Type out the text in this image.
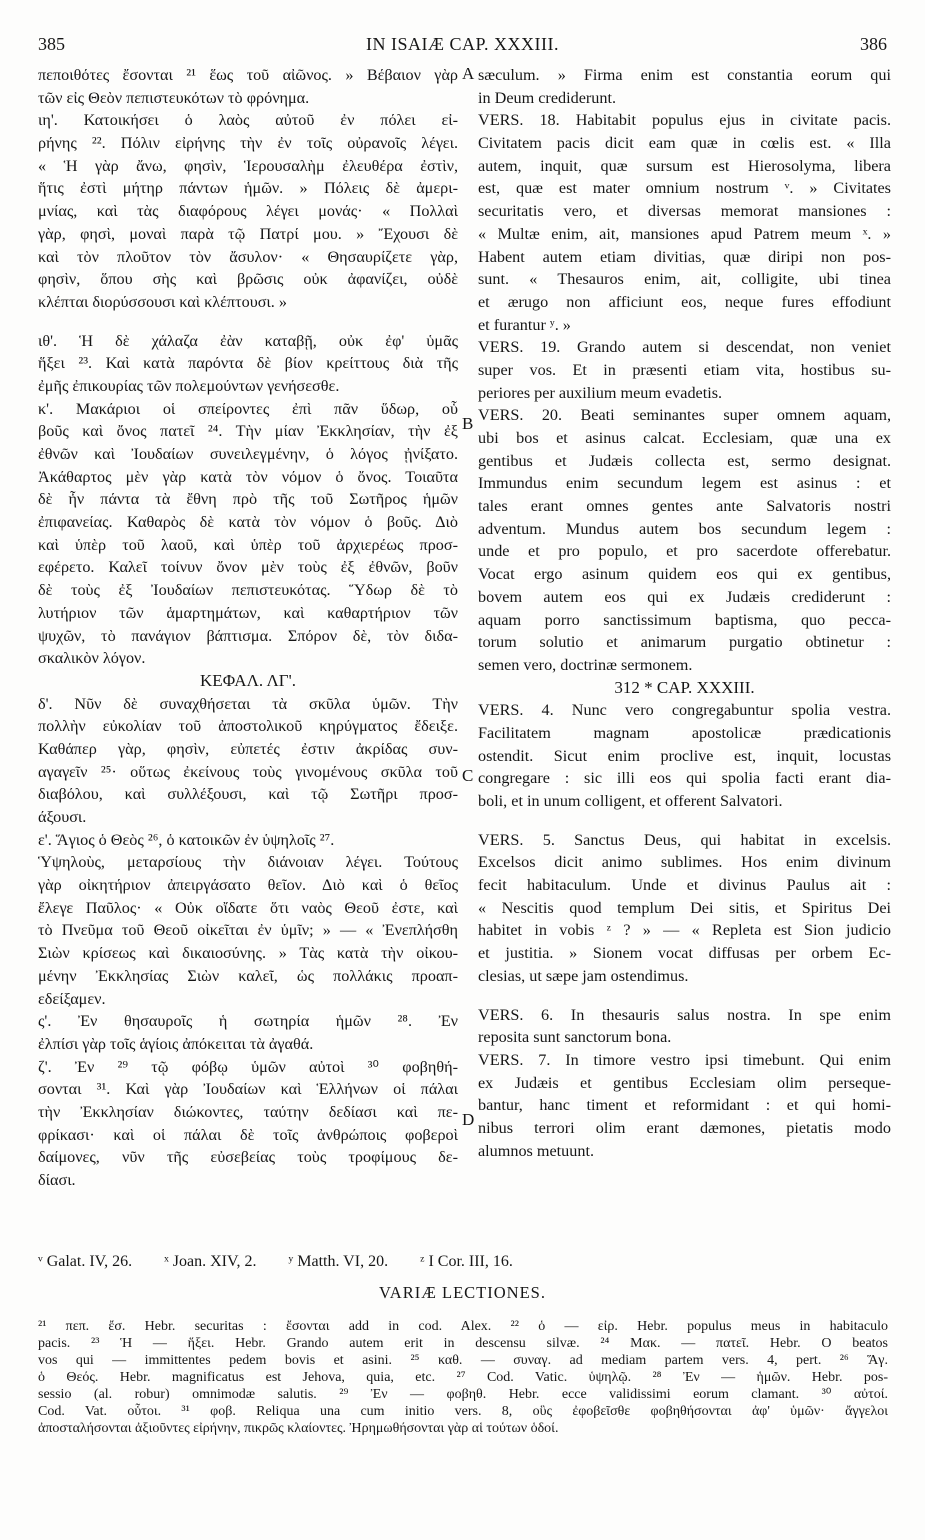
385	IN ISAIÆ CAP. XXXIII.	386
πεποιθότες ἔσονται ²¹ ἕως τοῦ αἰῶνος. » Βέβαιον γὰρ
τῶν εἰς Θεὸν πεπιστευκότων τὸ φρόνημα.
ιη'. Κατοικήσει ὁ λαὸς αὐτοῦ ἐν πόλει εἰ-
ρήνης ²². Πόλιν εἰρήνης τὴν ἐν τοῖς οὐρανοῖς λέγει.
« Ἡ γὰρ ἄνω, φησὶν, Ἱερουσαλὴμ ἐλευθέρα ἐστὶν,
ἥτις ἐστὶ μήτηρ πάντων ἡμῶν. » Πόλεις δὲ ἀμερι-
μνίας, καὶ τὰς διαφόρους λέγει μονάς· « Πολλαὶ
γὰρ, φησὶ, μοναὶ παρὰ τῷ Πατρί μου. » Ἔχουσι δὲ
καὶ τὸν πλοῦτον τὸν ἄσυλον· « Θησαυρίζετε γὰρ,
φησὶν, ὅπου σὴς καὶ βρῶσις οὐκ ἀφανίζει, οὐδὲ
κλέπται διορύσσουσι καὶ κλέπτουσι. »
ιθ'. Ἡ δὲ χάλαζα ἐὰν καταβῇ, οὐκ ἐφ' ὑμᾶς
ἥξει ²³. Καὶ κατὰ παρόντα δὲ βίον κρείττους διὰ τῆς
ἐμῆς ἐπικουρίας τῶν πολεμούντων γενήσεσθε.
κ'. Μακάριοι οἱ σπείροντες ἐπὶ πᾶν ὕδωρ, οὗ
βοῦς καὶ ὄνος πατεῖ ²⁴. Τὴν μίαν Ἐκκλησίαν, τὴν ἐξ
ἐθνῶν καὶ Ἰουδαίων συνειλεγμένην, ὁ λόγος ᾐνίξατο.
Ἀκάθαρτος μὲν γὰρ κατὰ τὸν νόμον ὁ ὄνος. Τοιαῦτα
δὲ ἦν πάντα τὰ ἔθνη πρὸ τῆς τοῦ Σωτῆρος ἡμῶν
ἐπιφανείας. Καθαρὸς δὲ κατὰ τὸν νόμον ὁ βοῦς. Διὸ
καὶ ὑπὲρ τοῦ λαοῦ, καὶ ὑπὲρ τοῦ ἀρχιερέως προσ-
εφέρετο. Καλεῖ τοίνυν ὄνον μὲν τοὺς ἐξ ἐθνῶν, βοῦν
δὲ τοὺς ἐξ Ἰουδαίων πεπιστευκότας. Ὕδωρ δὲ τὸ
λυτήριον τῶν ἁμαρτημάτων, καὶ καθαρτήριον τῶν
ψυχῶν, τὸ πανάγιον βάπτισμα. Σπόρον δὲ, τὸν διδα-
σκαλικὸν λόγον.
ΚΕΦΑΛ. ΛΓ'.
δ'. Νῦν δὲ συναχθήσεται τὰ σκῦλα ὑμῶν. Τὴν
πολλὴν εὐκολίαν τοῦ ἀποστολικοῦ κηρύγματος ἔδειξε.
Καθάπερ γὰρ, φησὶν, εὐπετές ἐστιν ἀκρίδας συν-
αγαγεῖν ²⁵· οὕτως ἐκείνους τοὺς γινομένους σκῦλα τοῦ
διαβόλου, καὶ συλλέξουσι, καὶ τῷ Σωτῆρι προσ-
άξουσι.
ε'. Ἅγιος ὁ Θεὸς ²⁶, ὁ κατοικῶν ἐν ὑψηλοῖς ²⁷.
Ὑψηλοὺς, μεταρσίους τὴν διάνοιαν λέγει. Τούτους
γὰρ οἰκητήριον ἀπειργάσατο θεῖον. Διὸ καὶ ὁ θεῖος
ἔλεγε Παῦλος· « Οὐκ οἴδατε ὅτι ναὸς Θεοῦ ἐστε, καὶ
τὸ Πνεῦμα τοῦ Θεοῦ οἰκεῖται ἐν ὑμῖν; » — « Ἐνεπλήσθη
Σιὼν κρίσεως καὶ δικαιοσύνης. » Τὰς κατὰ τὴν οἰκου-
μένην Ἐκκλησίας Σιὼν καλεῖ, ὡς πολλάκις προαπ-
εδείξαμεν.
ς'. Ἐν θησαυροῖς ἡ σωτηρία ἡμῶν ²⁸. Ἐν
ἐλπίσι γὰρ τοῖς ἁγίοις ἀπόκειται τὰ ἀγαθά.
ζ'. Ἐν ²⁹ τῷ φόβῳ ὑμῶν αὐτοὶ ³⁰ φοβηθή-
σονται ³¹. Καὶ γὰρ Ἰουδαίων καὶ Ἑλλήνων οἱ πάλαι
τὴν Ἐκκλησίαν διώκοντες, ταύτην δεδίασι καὶ πε-
φρίκασι· καὶ οἱ πάλαι δὲ τοῖς ἀνθρώποις φοβεροὶ
δαίμονες, νῦν τῆς εὐσεβείας τοὺς τροφίμους δε-
δίασι.
sæculum. » Firma enim est constantia eorum qui
in Deum crediderunt.
VERS. 18. Habitabit populus ejus in civitate pacis.
Civitatem pacis dicit eam quæ in cœlis est. « Illa
autem, inquit, quæ sursum est Hierosolyma, libera
est, quæ est mater omnium nostrum ᵛ. » Civitates
securitatis vero, et diversas memorat mansiones :
« Multæ enim, ait, mansiones apud Patrem meum ˣ. »
Habent autem etiam divitias, quæ diripi non pos-
sunt. « Thesauros enim, ait, colligite, ubi tinea
et ærugo non afficiunt eos, neque fures effodiunt
et furantur ʸ. »
VERS. 19. Grando autem si descendat, non veniet
super vos. Et in præsenti etiam vita, hostibus su-
periores per auxilium meum evadetis.
VERS. 20. Beati seminantes super omnem aquam,
ubi bos et asinus calcat. Ecclesiam, quæ una ex
gentibus et Judæis collecta est, sermo designat.
Immundus enim secundum legem est asinus : et
tales erant omnes gentes ante Salvatoris nostri
adventum. Mundus autem bos secundum legem :
unde et pro populo, et pro sacerdote offerebatur.
Vocat ergo asinum quidem eos qui ex gentibus,
bovem autem eos qui ex Judæis crediderunt :
aquam porro sanctissimum baptisma, quo pecca-
torum solutio et animarum purgatio obtinetur :
semen vero, doctrinæ sermonem.
312 * CAP. XXXIII.
VERS. 4. Nunc vero congregabuntur spolia vestra.
Facilitatem magnam apostolicæ prædicationis
ostendit. Sicut enim proclive est, inquit, locustas
congregare : sic illi eos qui spolia facti erant dia-
boli, et in unum colligent, et offerent Salvatori.
VERS. 5. Sanctus Deus, qui habitat in excelsis.
Excelsos dicit animo sublimes. Hos enim divinum
fecit habitaculum. Unde et divinus Paulus ait :
« Nescitis quod templum Dei sitis, et Spiritus Dei
habitet in vobis ᶻ ? » — « Repleta est Sion judicio
et justitia. » Sionem vocat diffusas per orbem Ec-
clesias, ut sæpe jam ostendimus.
VERS. 6. In thesauris salus nostra. In spe enim
reposita sunt sanctorum bona.
VERS. 7. In timore vestro ipsi timebunt. Qui enim
ex Judæis et gentibus Ecclesiam olim perseque-
bantur, hanc timent et reformidant : et qui homi-
nibus terrori olim erant dæmones, pietatis modo
alumnos metuunt.
A
B
C
D
ᵛ Galat. IV, 26. ˣ Joan. XIV, 2. ʸ Matth. VI, 20. ᶻ I Cor. III, 16.
VARIÆ LECTIONES.
²¹ πεπ. ἔσ. Hebr. securitas : ἔσονται add in cod. Alex. ²² ὁ — εἰρ. Hebr. populus meus in habitaculo
pacis. ²³ Ἡ — ἥξει. Hebr. Grando autem erit in descensu silvæ. ²⁴ Μακ. — πατεῖ. Hebr. O beatos
vos qui — immittentes pedem bovis et asini. ²⁵ καθ. — συναγ. ad mediam partem vers. 4, pert. ²⁶ Ἅγ.
ὁ Θεός. Hebr. magnificatus est Jehova, quia, etc. ²⁷ Cod. Vatic. ὑψηλῷ. ²⁸ Ἐν — ἡμῶν. Hebr. pos-
sessio (al. robur) omnimodæ salutis. ²⁹ Ἐν — φοβηθ. Hebr. ecce validissimi eorum clamant. ³⁰ αὐτοί.
Cod. Vat. οὗτοι. ³¹ φοβ. Reliqua una cum initio vers. 8, οὓς ἐφοβεῖσθε φοβηθήσονται ἀφ' ὑμῶν· ἄγγελοι
ἀποσταλήσονται ἀξιοῦντες εἰρήνην, πικρῶς κλαίοντες. Ἠρημωθήσονται γὰρ αἱ τούτων ὁδοί.
